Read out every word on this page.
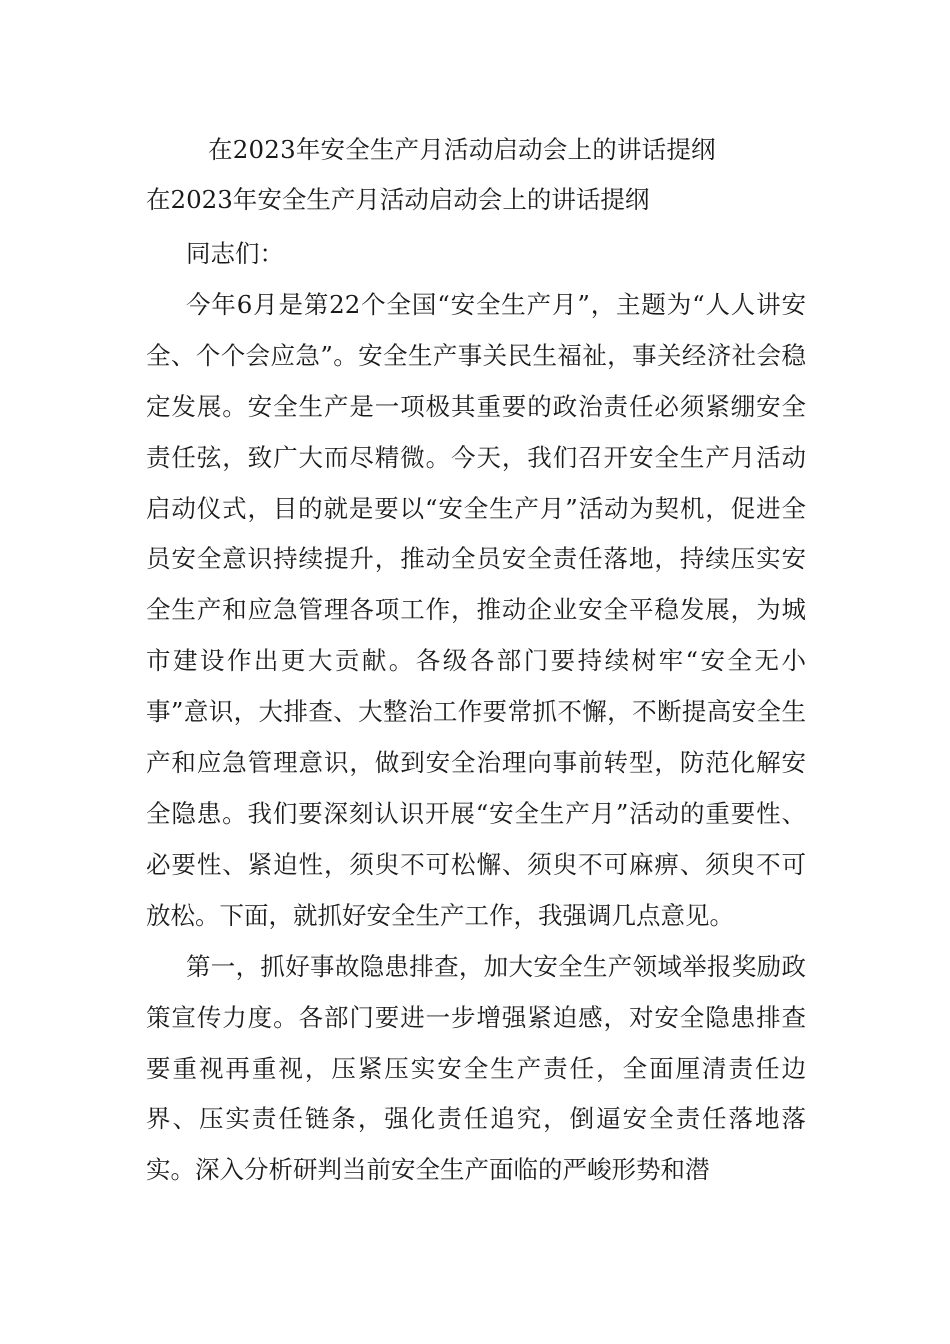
在2023年安全生产月活动启动会上的讲话提纲
在2023年安全生产月活动启动会上的讲话提纲

同志们：

今年6月是第22个全国“安全生产月”，主题为“人人讲安全、个个会应急”。安全生产事关民生福祉，事关经济社会稳定发展。安全生产是一项极其重要的政治责任必须紧绷安全责任弦，致广大而尽精微。今天，我们召开安全生产月活动启动仪式，目的就是要以“安全生产月”活动为契机，促进全员安全意识持续提升，推动全员安全责任落地，持续压实安全生产和应急管理各项工作，推动企业安全平稳发展，为城市建设作出更大贡献。各级各部门要持续树牢“安全无小事”意识，大排查、大整治工作要常抓不懈，不断提高安全生产和应急管理意识，做到安全治理向事前转型，防范化解安全隐患。我们要深刻认识开展“安全生产月”活动的重要性、必要性、紧迫性，须臾不可松懈、须臾不可麻痹、须臾不可放松。下面，就抓好安全生产工作，我强调几点意见。

第一，抓好事故隐患排查，加大安全生产领域举报奖励政策宣传力度。各部门要进一步增强紧迫感，对安全隐患排查要重视再重视，压紧压实安全生产责任，全面厘清责任边界、压实责任链条，强化责任追究，倒逼安全责任落地落实。深入分析研判当前安全生产面临的严峻形势和潜
